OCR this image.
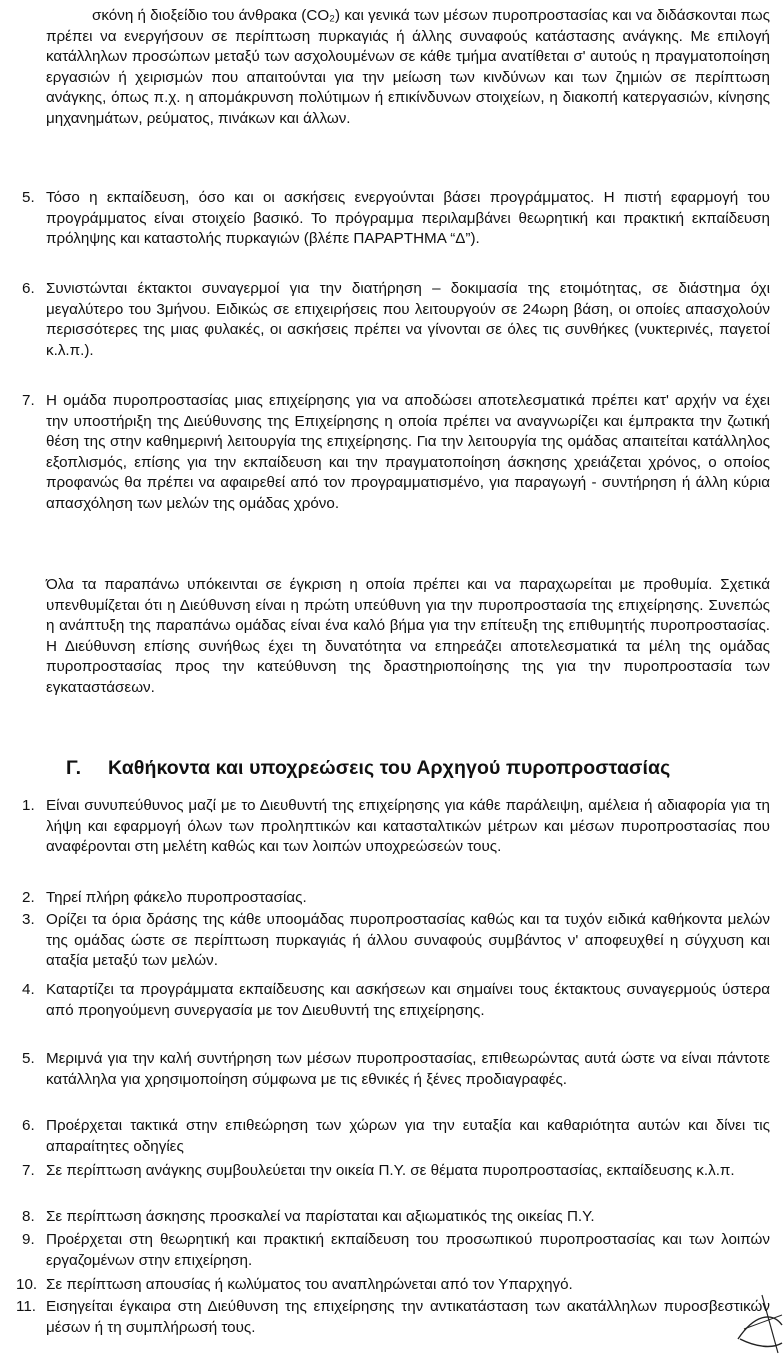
σκόνη ή διοξείδιο του άνθρακα (CO₂) και γενικά των μέσων πυροπροστασίας και να διδάσκονται πως πρέπει να ενεργήσουν σε περίπτωση πυρκαγιάς ή άλλης συναφούς κατάστασης ανάγκης. Με επιλογή κατάλληλων προσώπων μεταξύ των ασχολουμένων σε κάθε τμήμα ανατίθεται σ' αυτούς η πραγματοποίηση εργασιών ή χειρισμών που απαιτούνται για την μείωση των κινδύνων και των ζημιών σε περίπτωση ανάγκης, όπως π.χ. η απομάκρυνση πολύτιμων ή επικίνδυνων στοιχείων, η διακοπή κατεργασιών, κίνησης μηχανημάτων, ρεύματος, πινάκων και άλλων.
5. Τόσο η εκπαίδευση, όσο και οι ασκήσεις ενεργούνται βάσει προγράμματος. Η πιστή εφαρμογή του προγράμματος είναι στοιχείο βασικό. Το πρόγραμμα περιλαμβάνει θεωρητική και πρακτική εκπαίδευση πρόληψης και καταστολής πυρκαγιών (βλέπε ΠΑΡΑΡΤΗΜΑ “Δ”).
6. Συνιστώνται έκτακτοι συναγερμοί για την διατήρηση – δοκιμασία της ετοιμότητας, σε διάστημα όχι μεγαλύτερο του 3μήνου. Ειδικώς σε επιχειρήσεις που λειτουργούν σε 24ωρη βάση, οι οποίες απασχολούν περισσότερες της μιας φυλακές, οι ασκήσεις πρέπει να γίνονται σε όλες τις συνθήκες (νυκτερινές, παγετοί κ.λ.π.).
7. Η ομάδα πυροπροστασίας μιας επιχείρησης για να αποδώσει αποτελεσματικά πρέπει κατ' αρχήν να έχει την υποστήριξη της Διεύθυνσης της Επιχείρησης η οποία πρέπει να αναγνωρίζει και έμπρακτα την ζωτική θέση της στην καθημερινή λειτουργία της επιχείρησης. Για την λειτουργία της ομάδας απαιτείται κατάλληλος εξοπλισμός, επίσης για την εκπαίδευση και την πραγματοποίηση άσκησης χρειάζεται χρόνος, ο οποίος προφανώς θα πρέπει να αφαιρεθεί από τον προγραμματισμένο, για παραγωγή - συντήρηση ή άλλη κύρια απασχόληση των μελών της ομάδας χρόνο.
Όλα τα παραπάνω υπόκεινται σε έγκριση η οποία πρέπει και να παραχωρείται με προθυμία. Σχετικά υπενθυμίζεται ότι η Διεύθυνση είναι η πρώτη υπεύθυνη για την πυροπροστασία της επιχείρησης. Συνεπώς η ανάπτυξη της παραπάνω ομάδας είναι ένα καλό βήμα για την επίτευξη της επιθυμητής πυροπροστασίας. Η Διεύθυνση επίσης συνήθως έχει τη δυνατότητα να επηρεάζει αποτελεσματικά τα μέλη της ομάδας πυροπροστασίας προς την κατεύθυνση της δραστηριοποίησης της για την πυροπροστασία των εγκαταστάσεων.
Γ. Καθήκοντα και υποχρεώσεις του Αρχηγού πυροπροστασίας
1. Είναι συνυπεύθυνος μαζί με το Διευθυντή της επιχείρησης για κάθε παράλειψη, αμέλεια ή αδιαφορία για τη λήψη και εφαρμογή όλων των προληπτικών και κατασταλτικών μέτρων και μέσων πυροπροστασίας που αναφέρονται στη μελέτη καθώς και των λοιπών υποχρεώσεών τους.
2. Τηρεί πλήρη φάκελο πυροπροστασίας.
3. Ορίζει τα όρια δράσης της κάθε υποομάδας πυροπροστασίας καθώς και τα τυχόν ειδικά καθήκοντα μελών της ομάδας ώστε σε περίπτωση πυρκαγιάς ή άλλου συναφούς συμβάντος ν' αποφευχθεί η σύγχυση και αταξία μεταξύ των μελών.
4. Καταρτίζει τα προγράμματα εκπαίδευσης και ασκήσεων και σημαίνει τους έκτακτους συναγερμούς ύστερα από προηγούμενη συνεργασία με τον Διευθυντή της επιχείρησης.
5. Μεριμνά για την καλή συντήρηση των μέσων πυροπροστασίας, επιθεωρώντας αυτά ώστε να είναι πάντοτε κατάλληλα για χρησιμοποίηση σύμφωνα με τις εθνικές ή ξένες προδιαγραφές.
6. Προέρχεται τακτικά στην επιθεώρηση των χώρων για την ευταξία και καθαριότητα αυτών και δίνει τις απαραίτητες οδηγίες
7. Σε περίπτωση ανάγκης συμβουλεύεται την οικεία Π.Υ. σε θέματα πυροπροστασίας, εκπαίδευσης κ.λ.π.
8. Σε περίπτωση άσκησης προσκαλεί να παρίσταται και αξιωματικός της οικείας Π.Υ.
9. Προέρχεται στη θεωρητική και πρακτική εκπαίδευση του προσωπικού πυροπροστασίας και των λοιπών εργαζομένων στην επιχείρηση.
10. Σε περίπτωση απουσίας ή κωλύματος του αναπληρώνεται από τον Υπαρχηγό.
11. Εισηγείται έγκαιρα στη Διεύθυνση της επιχείρησης την αντικατάσταση των ακατάλληλων πυροσβεστικών μέσων ή τη συμπλήρωσή τους.
